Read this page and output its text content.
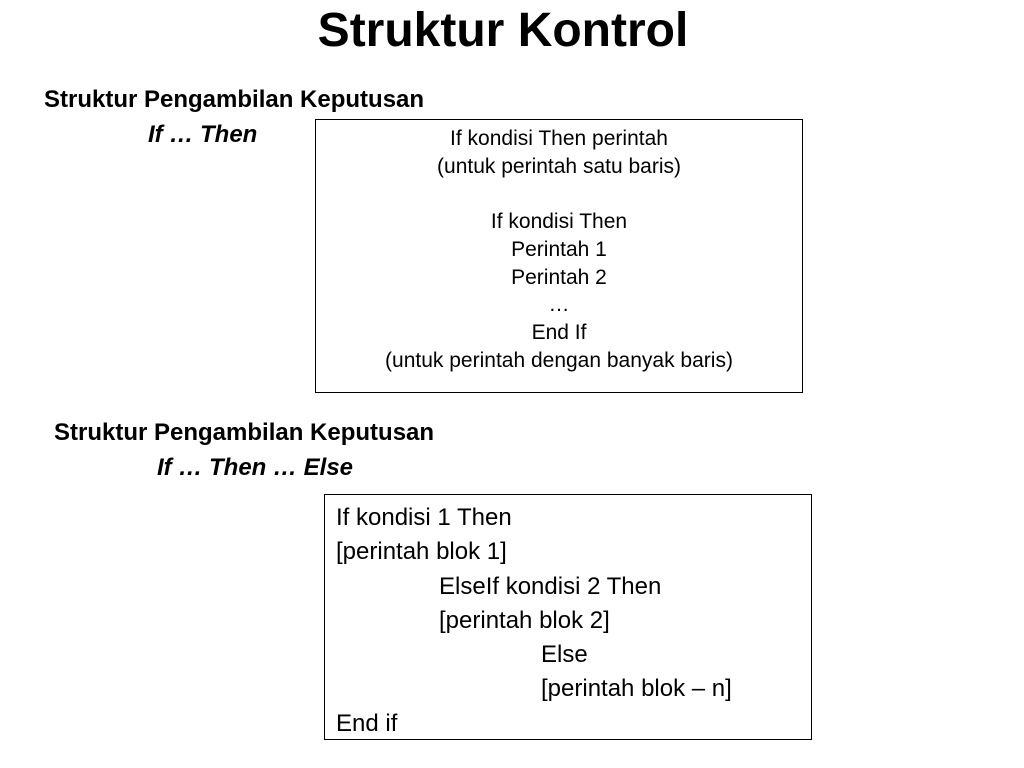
Struktur Kontrol
Struktur Pengambilan Keputusan
If … Then	If kondisi Then perintah
(untuk perintah satu baris)
If kondisi Then
Perintah 1
Perintah 2
…
End If
(untuk perintah dengan banyak baris)
Struktur Pengambilan Keputusan
If … Then … Else
If kondisi 1 Then
[perintah blok 1]
ElseIf kondisi 2 Then
[perintah blok 2]
Else
[perintah blok – n]
End if
